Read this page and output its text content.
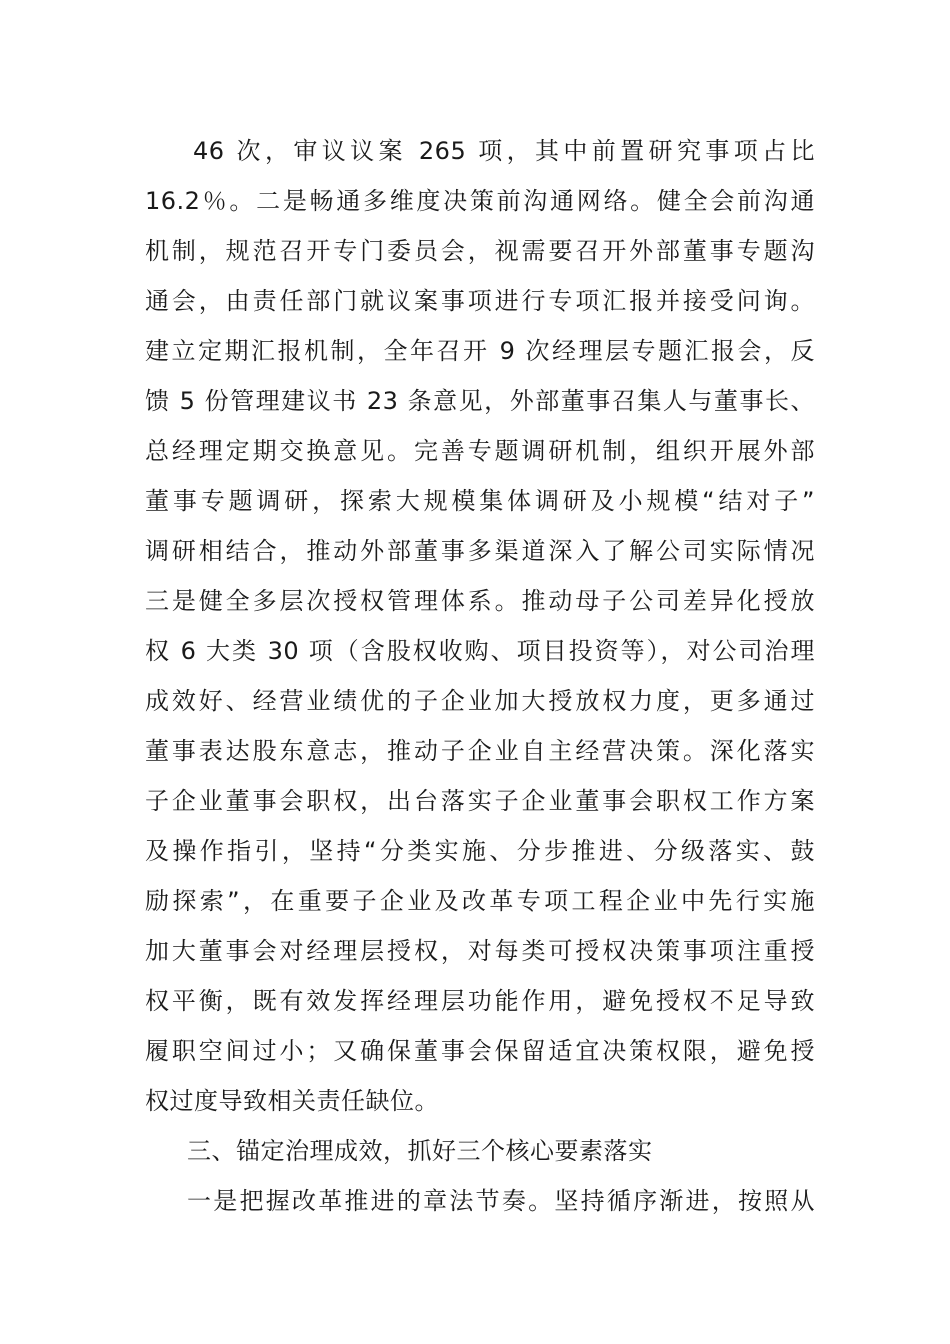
46 次，审议议案 265 项，其中前置研究事项占比
16.2％。二是畅通多维度决策前沟通网络。健全会前沟通
机制，规范召开专门委员会，视需要召开外部董事专题沟
通会，由责任部门就议案事项进行专项汇报并接受问询。
建立定期汇报机制，全年召开 9 次经理层专题汇报会，反
馈 5 份管理建议书 23 条意见，外部董事召集人与董事长、
总经理定期交换意见。完善专题调研机制，组织开展外部
董事专题调研，探索大规模集体调研及小规模“结对子”
调研相结合，推动外部董事多渠道深入了解公司实际情况
三是健全多层次授权管理体系。推动母子公司差异化授放
权 6 大类 30 项（含股权收购、项目投资等），对公司治理
成效好、经营业绩优的子企业加大授放权力度，更多通过
董事表达股东意志，推动子企业自主经营决策。深化落实
子企业董事会职权，出台落实子企业董事会职权工作方案
及操作指引，坚持“分类实施、分步推进、分级落实、鼓
励探索”，在重要子企业及改革专项工程企业中先行实施
加大董事会对经理层授权，对每类可授权决策事项注重授
权平衡，既有效发挥经理层功能作用，避免授权不足导致
履职空间过小；又确保董事会保留适宜决策权限，避免授
权过度导致相关责任缺位。
三、锚定治理成效，抓好三个核心要素落实
一是把握改革推进的章法节奏。坚持循序渐进，按照从
